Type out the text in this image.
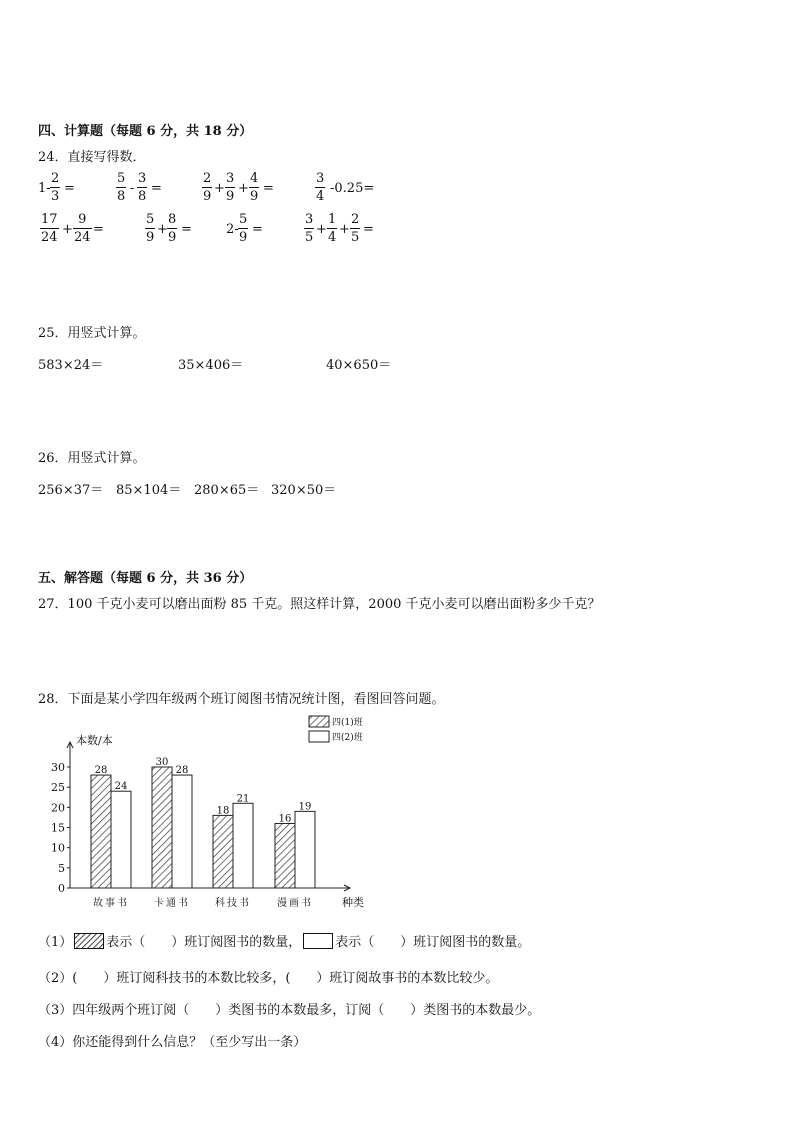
四、计算题（每题 6 分，共 18 分）
24．直接写得数．
1-
2
3
=
5
8
-
3
8
=
2
9
+
3
9
+
4
9
=
3
4
-0.25=
17
24
+
9
24
=
5
9
+
8
9
=	2-
5
9
=
3
5
+
1
4
+
2
5
=
25．用竖式计算。
583×24＝	35×406＝	40×650＝
26．用竖式计算。
256×37＝ 85×104＝ 280×65＝ 320×50＝
五、解答题（每题 6 分，共 36 分）
27．100 千克小麦可以磨出面粉 85 千克。照这样计算，2000 千克小麦可以磨出面粉多少千克？
28．下面是某小学四年级两个班订阅图书情况统计图，看图回答问题。
本数/本
种类
0
5
10
15
20
25
30	28
24
故事书
30
28
卡通书
18
21
科技书
16
19
漫画书
四(1)班
四(2)班
（1）	表示（　　）班订阅图书的数量，	表示（　　）班订阅图书的数量。
（2）(　　）班订阅科技书的本数比较多，(　　）班订阅故事书的本数比较少。
（3）四年级两个班订阅（　　）类图书的本数最多，订阅（　　）类图书的本数最少。
（4）你还能得到什么信息？（至少写出一条）
